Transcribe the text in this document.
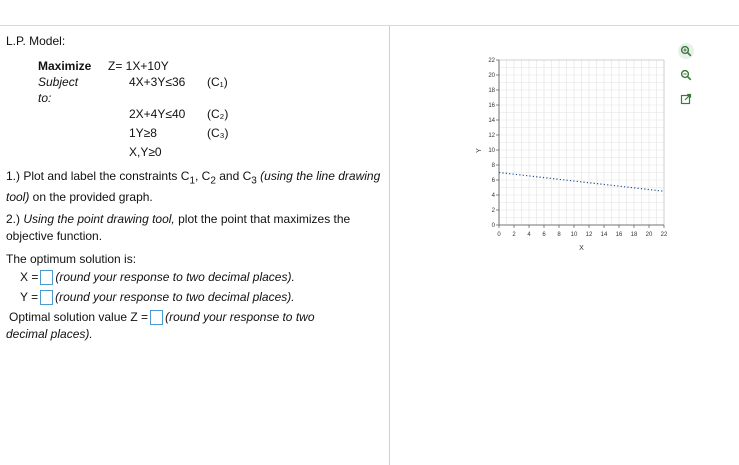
L.P. Model:
Maximize Z= 1X+10Y
Subject
to:
4X+3Y≤36 (C₁)
2X+4Y≤40 (C₂)
1Y≥8	(C₃)
X,Y≥0
1.) Plot and label the constraints $C_1$, $C_2$ and $C_3$ (using the line drawing tool) on the provided graph.
2.) Using the point drawing tool, plot the point that maximizes the objective function.
The optimum solution is:
X = (round your response to two decimal places).
Y = (round your response to two decimal places).
Optimal solution value Z = (round your response to two
decimal places).
0 2 4 6 8 10 12 14 16 18 20 22
0
2
4
6
8
10
12
14
16
18
20
22
X
Y
